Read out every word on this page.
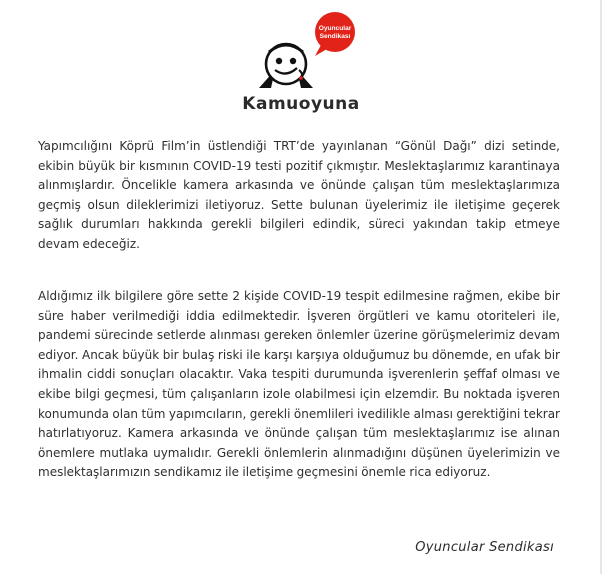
Oyuncular
Sendikası
Kamuoyuna

Yapımcılığını Köprü Film’in üstlendiği TRT’de yayınlanan “Gönül Dağı” dizi setinde, ekibin büyük bir kısmının COVID-19 testi pozitif çıkmıştır. Meslektaşlarımız karantinaya alınmışlardır. Öncelikle kamera arkasında ve önünde çalışan tüm meslektaşlarımıza geçmiş olsun dileklerimizi iletiyoruz. Sette bulunan üyelerimiz ile iletişime geçerek sağlık durumları hakkında gerekli bilgileri edindik, süreci yakından takip etmeye devam edeceğiz.

Aldığımız ilk bilgilere göre sette 2 kişide COVID-19 tespit edilmesine rağmen, ekibe bir süre haber verilmediği iddia edilmektedir. İşveren örgütleri ve kamu otoriteleri ile, pandemi sürecinde setlerde alınması gereken önlemler üzerine görüşmelerimiz devam ediyor. Ancak büyük bir bulaş riski ile karşı karşıya olduğumuz bu dönemde, en ufak bir ihmalin ciddi sonuçları olacaktır. Vaka tespiti durumunda işverenlerin şeffaf olması ve ekibe bilgi geçmesi, tüm çalışanların izole olabilmesi için elzemdir. Bu noktada işveren konumunda olan tüm yapımcıların, gerekli önemlileri ivedilikle alması gerektiğini tekrar hatırlatıyoruz. Kamera arkasında ve önünde çalışan tüm meslektaşlarımız ise alınan önemlere mutlaka uymalıdır. Gerekli önlemlerin alınmadığını düşünen üyelerimizin ve meslektaşlarımızın sendikamız ile iletişime geçmesini önemle rica ediyoruz.

Oyuncular Sendikası
